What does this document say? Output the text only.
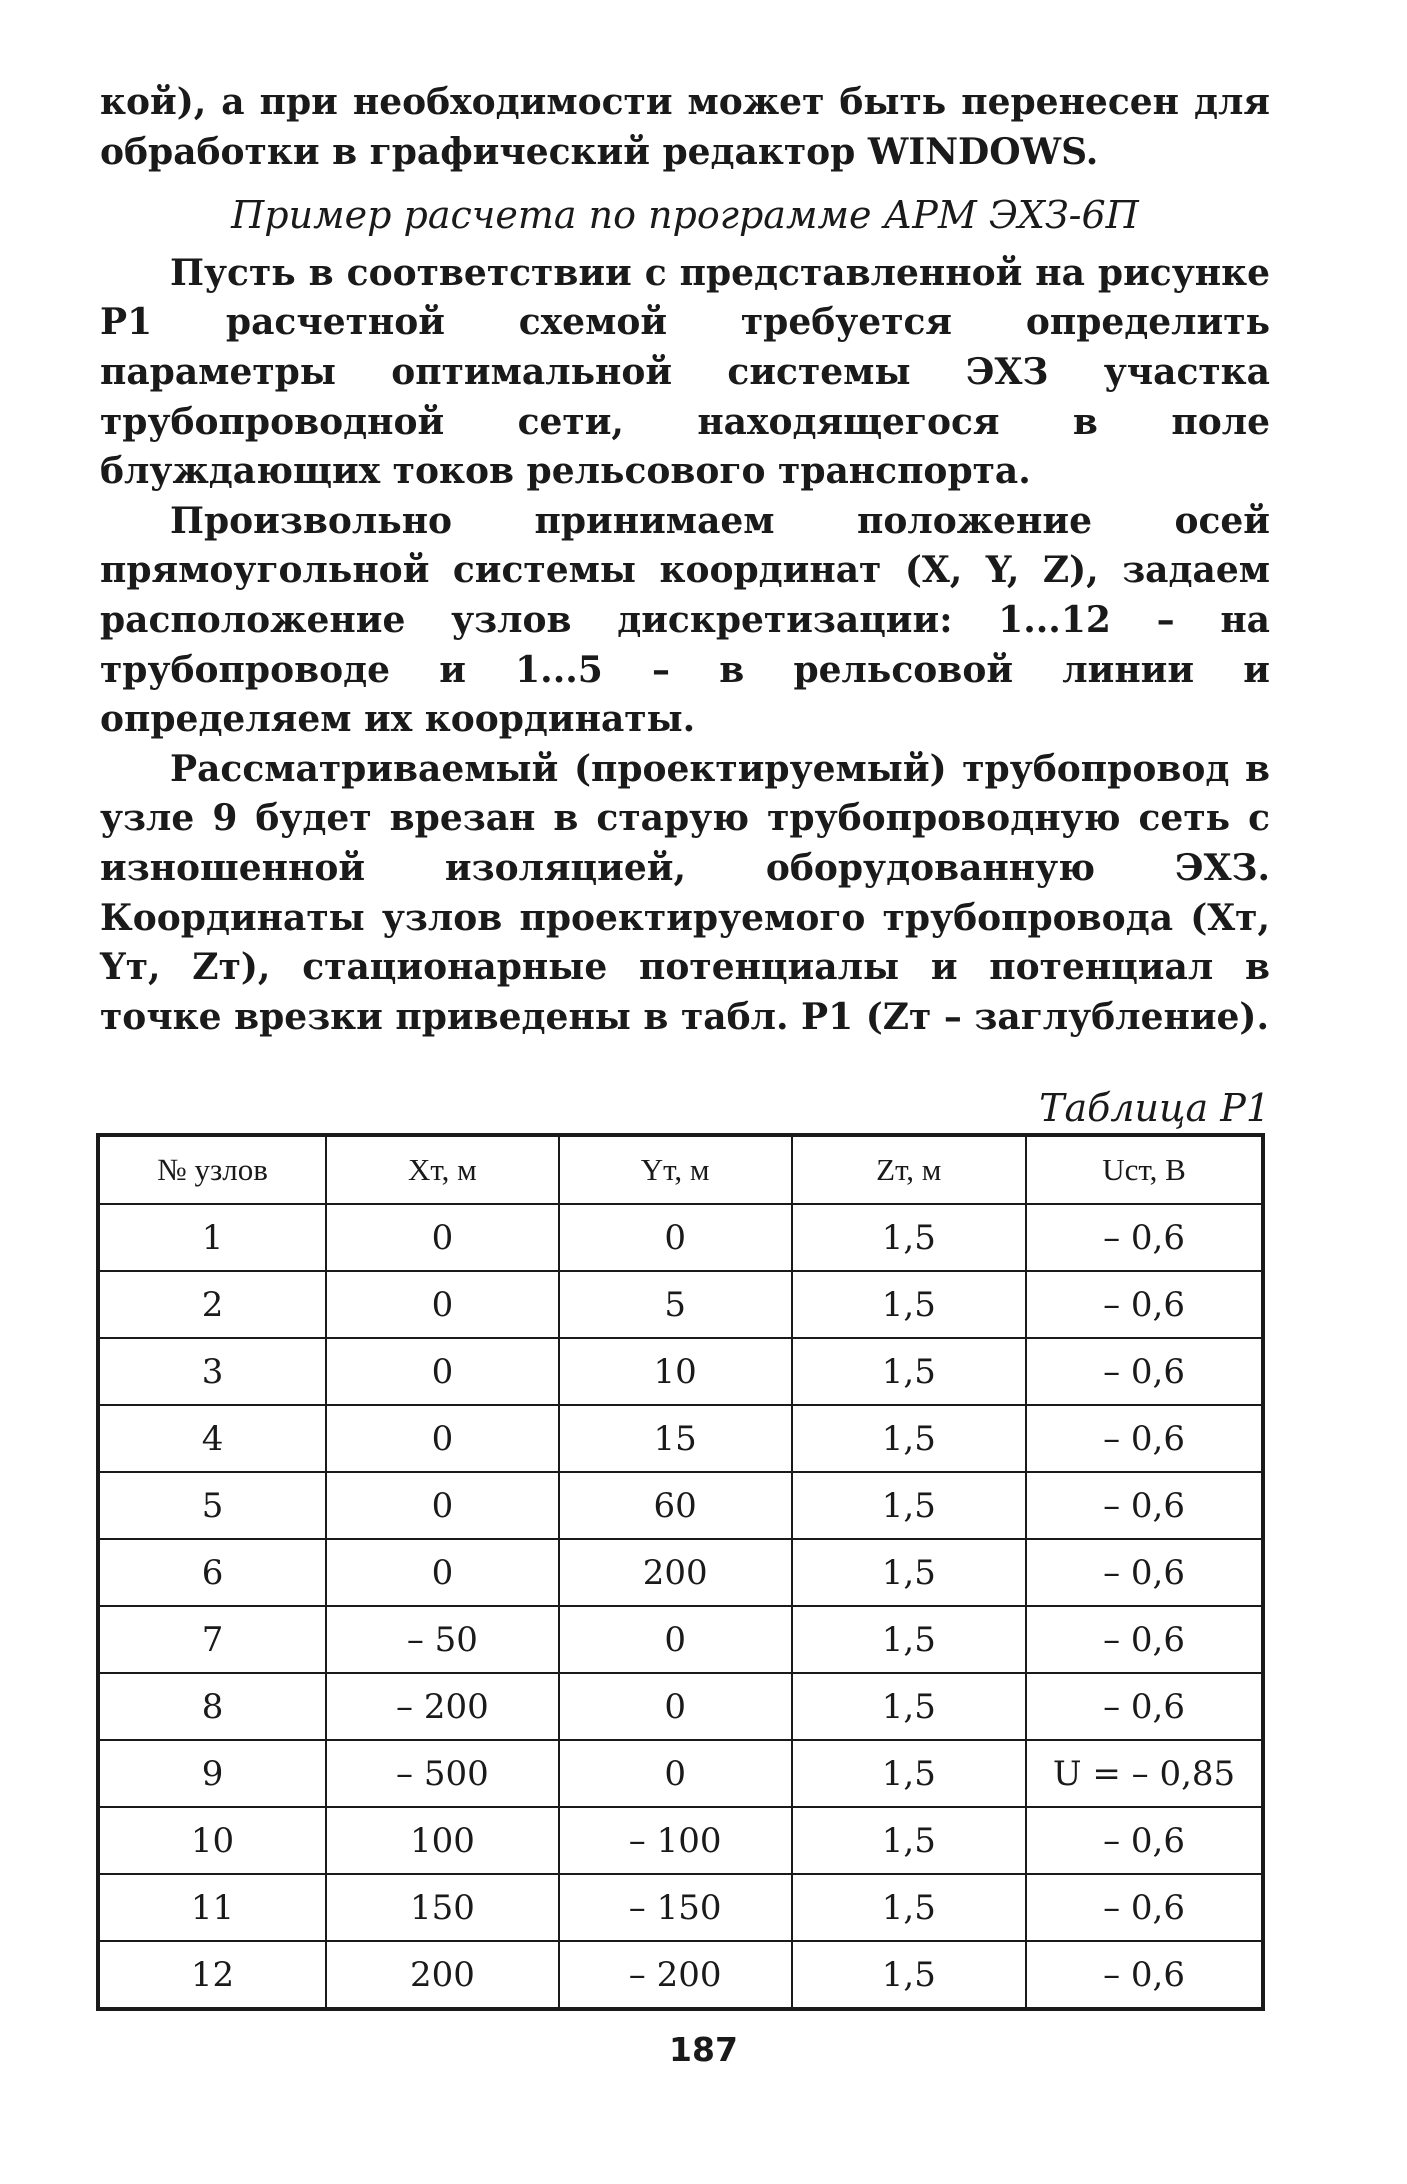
кой), а при необходимости может быть перенесен для обработки в графический редактор WINDOWS.

Пример расчета по программе АРМ ЭХЗ-6П

Пусть в соответствии с представленной на рисунке Р1 расчетной схемой требуется определить параметры оптимальной системы ЭХЗ участка трубопроводной сети, находящегося в поле блуждающих токов рельсового транспорта.

Произвольно принимаем положение осей прямоугольной системы координат (X, Y, Z), задаем расположение узлов дискретизации: 1...12 – на трубопроводе и 1...5 – в рельсовой линии и определяем их координаты.

Рассматриваемый (проектируемый) трубопровод в узле 9 будет врезан в старую трубопроводную сеть с изношенной изоляцией, оборудованную ЭХЗ. Координаты узлов проектируемого трубопровода (Xт, Yт, Zт), стационарные потенциалы и потенциал в точке врезки приведены в табл. Р1 (Zт – заглубление).

Таблица Р1
№ узлов	Xт, м	Yт, м	Zт, м	Uст, В
1	0	0	1,5	– 0,6
2	0	5	1,5	– 0,6
3	0	10	1,5	– 0,6
4	0	15	1,5	– 0,6
5	0	60	1,5	– 0,6
6	0	200	1,5	– 0,6
7	– 50	0	1,5	– 0,6
8	– 200	0	1,5	– 0,6
9	– 500	0	1,5	U = – 0,85
10	100	– 100	1,5	– 0,6
11	150	– 150	1,5	– 0,6
12	200	– 200	1,5	– 0,6
187
